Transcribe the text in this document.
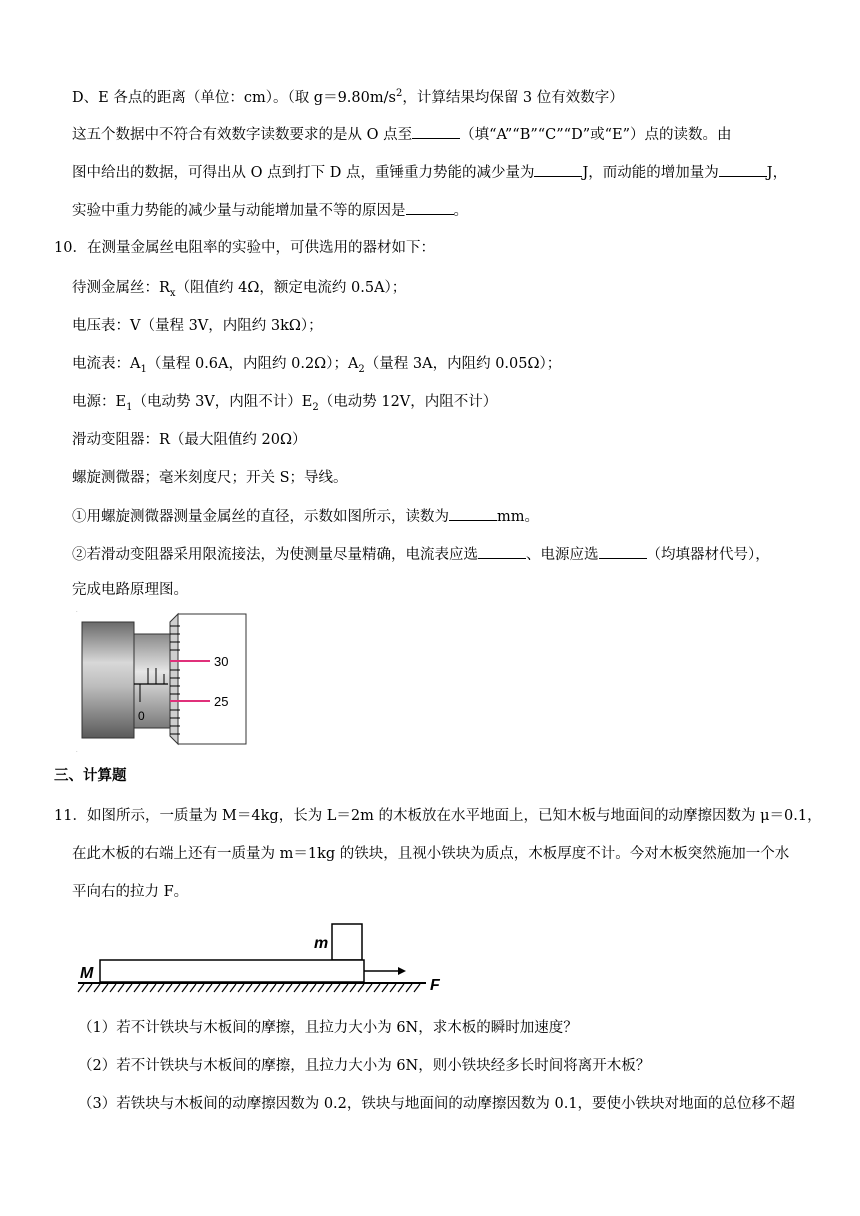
D、E 各点的距离（单位：cm）。（取 $g=9.80m/s^2$，计算结果均保留 3 位有效数字）
这五个数据中不符合有效数字读数要求的是从 O 点至	（填“A”“B”“C”“D”或“E”）点的读数。由
图中给出的数据，可得出从 O 点到打下 D 点，重锤重力势能的减少量为	J，而动能的增加量为	J，
实验中重力势能的减少量与动能增加量不等的原因是	。
10．在测量金属丝电阻率的实验中，可供选用的器材如下：
待测金属丝：$R_x$（阻值约 4Ω，额定电流约 0.5A）；
电压表：V（量程 3V，内阻约 3kΩ）；
电流表：$A_1$（量程 0.6A，内阻约 0.2Ω）；$A_2$（量程 3A，内阻约 0.05Ω）；
电源：$E_1$（电动势 3V，内阻不计）$E_2$（电动势 12V，内阻不计）
滑动变阻器：R（最大阻值约 20Ω）
螺旋测微器；毫米刻度尺；开关 S；导线。
①用螺旋测微器测量金属丝的直径，示数如图所示，读数为	mm。
②若滑动变阻器采用限流接法，为使测量尽量精确，电流表应选	、电源应选	（均填器材代号），
完成电路原理图。
.
0
30
25
.
三、计算题
11．如图所示，一质量为 M＝4kg，长为 L＝2m 的木板放在水平地面上，已知木板与地面间的动摩擦因数为 μ＝0.1，
在此木板的右端上还有一质量为 m＝1kg 的铁块，且视小铁块为质点，木板厚度不计。今对木板突然施加一个水
平向右的拉力 F。
m
M
F
（1）若不计铁块与木板间的摩擦，且拉力大小为 6N，求木板的瞬时加速度？
（2）若不计铁块与木板间的摩擦，且拉力大小为 6N，则小铁块经多长时间将离开木板？
（3）若铁块与木板间的动摩擦因数为 0.2，铁块与地面间的动摩擦因数为 0.1，要使小铁块对地面的总位移不超
